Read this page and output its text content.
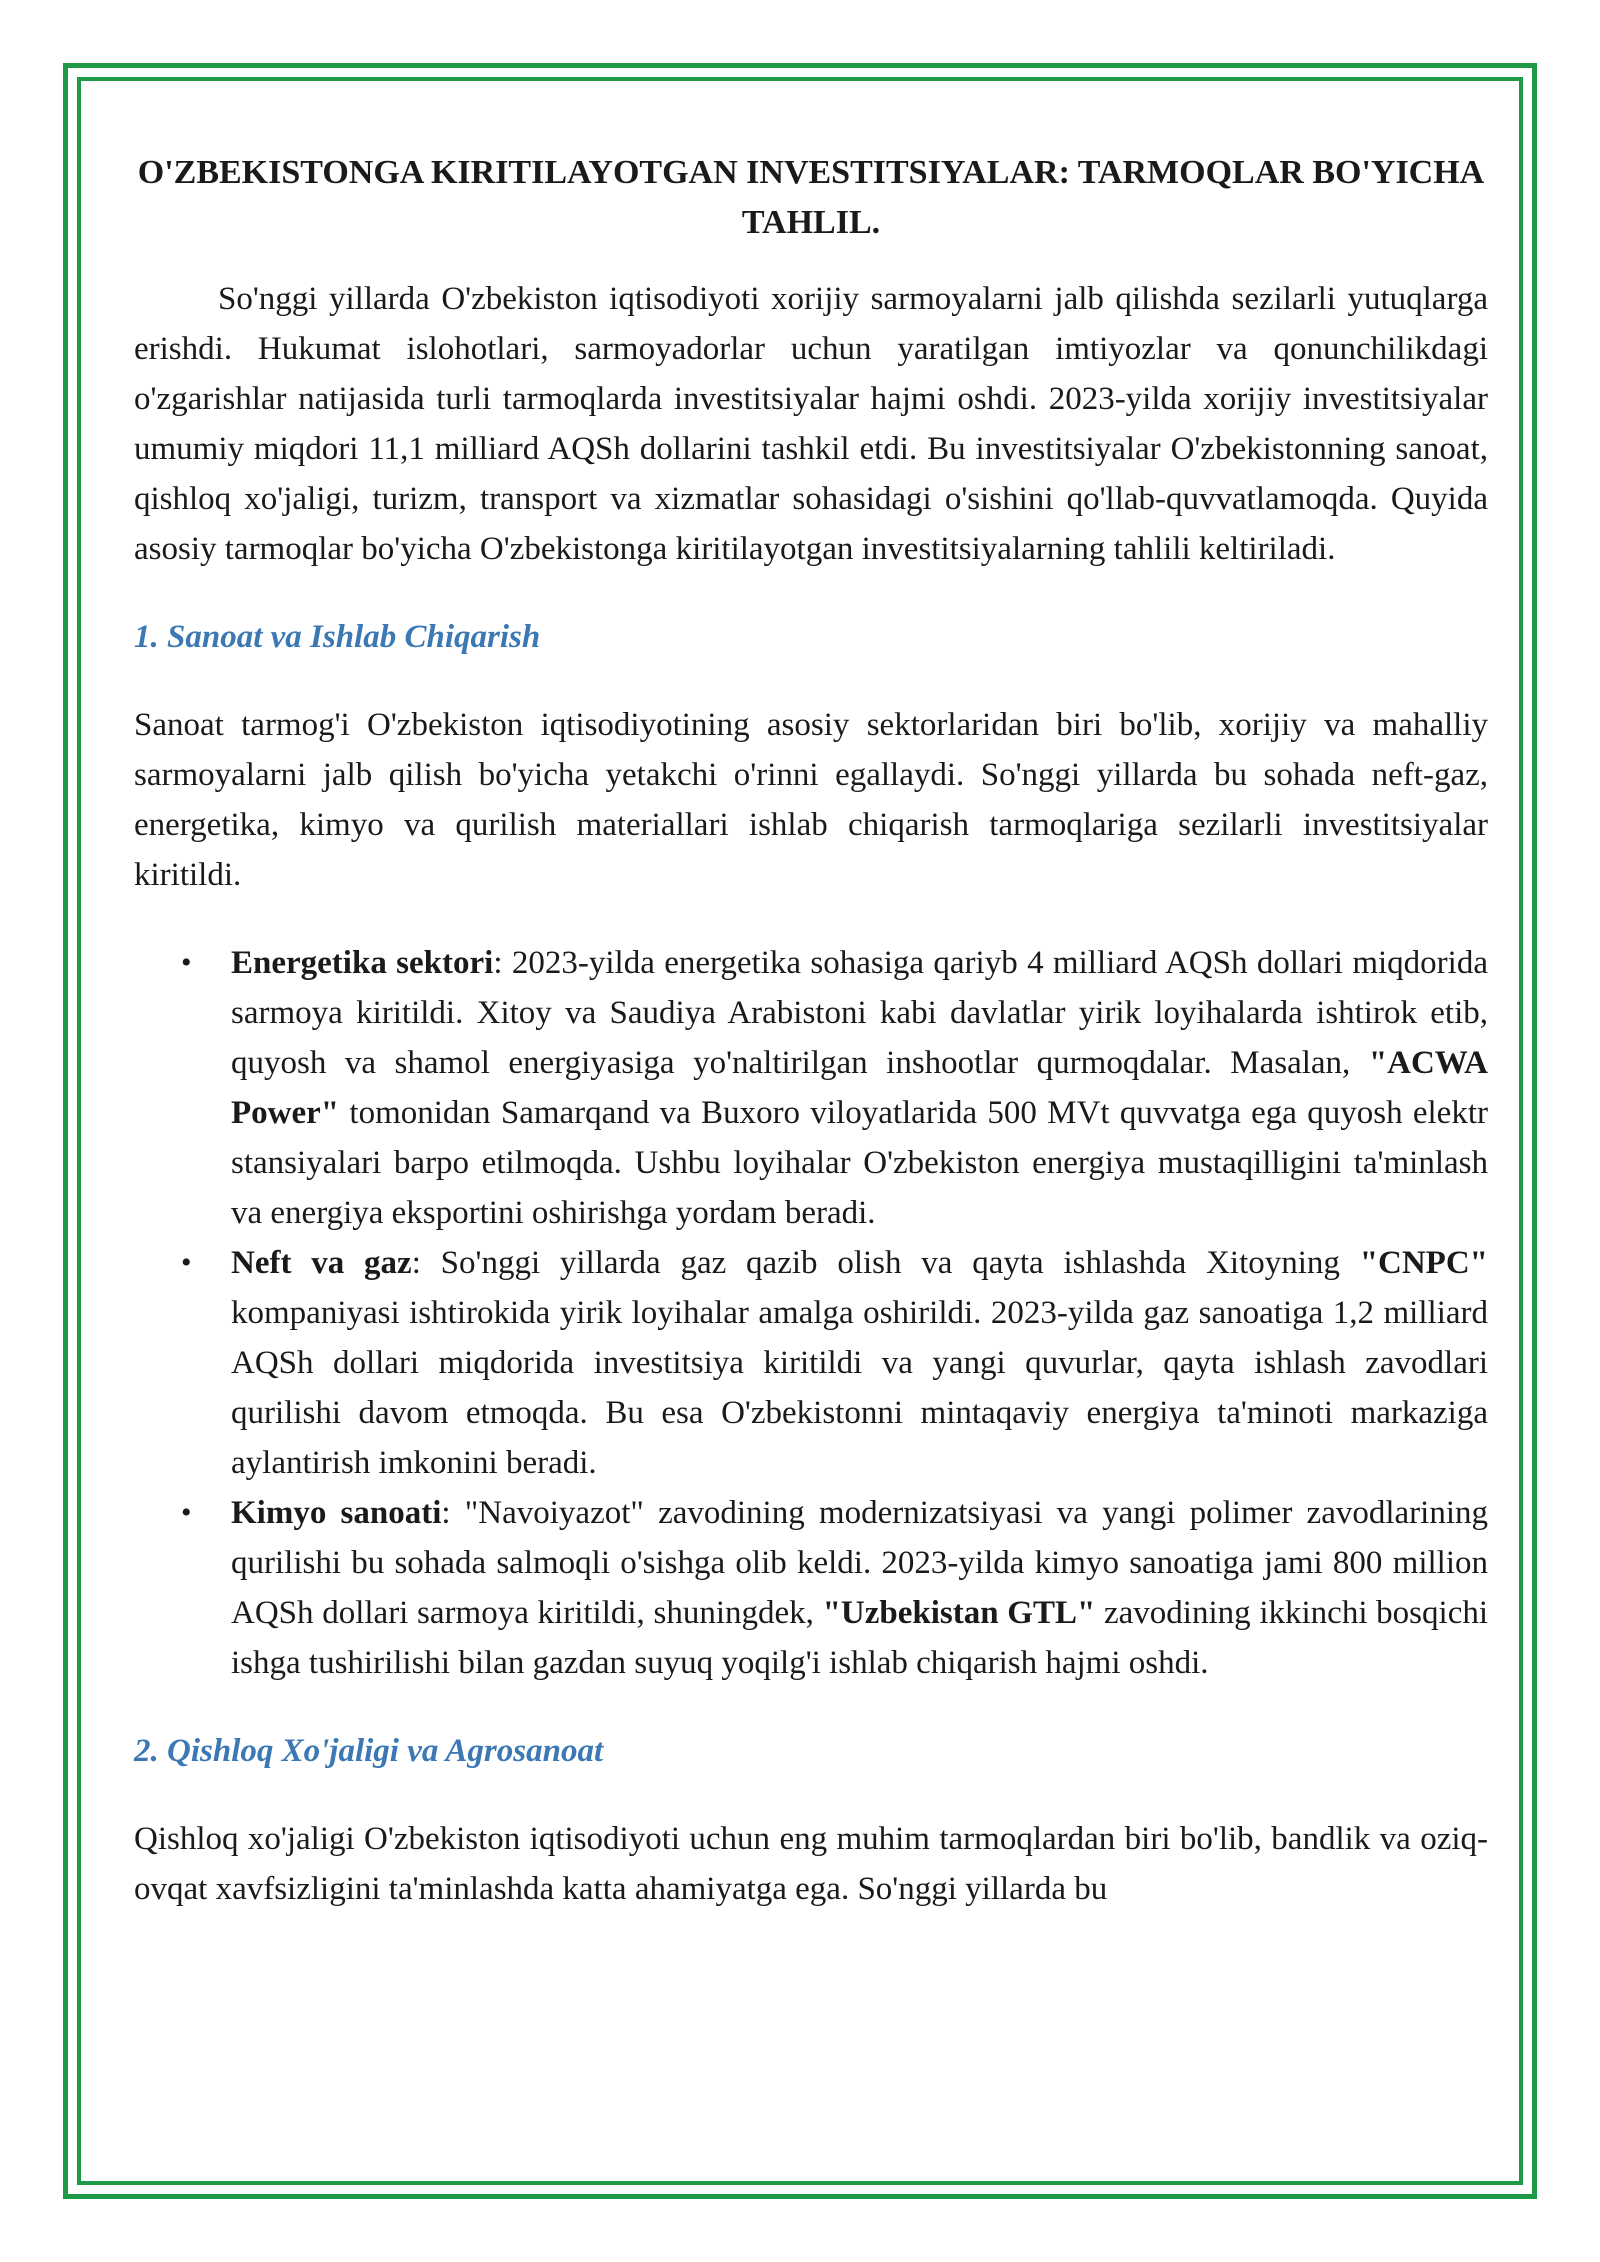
O'ZBEKISTONGA KIRITILAYOTGAN INVESTITSIYALAR: TARMOQLAR BO'YICHA TAHLIL.

So'nggi yillarda O'zbekiston iqtisodiyoti xorijiy sarmoyalarni jalb qilishda sezilarli yutuqlarga erishdi. Hukumat islohotlari, sarmoyadorlar uchun yaratilgan imtiyozlar va qonunchilikdagi o'zgarishlar natijasida turli tarmoqlarda investitsiyalar hajmi oshdi. 2023-yilda xorijiy investitsiyalar umumiy miqdori 11,1 milliard AQSh dollarini tashkil etdi. Bu investitsiyalar O'zbekistonning sanoat, qishloq xo'jaligi, turizm, transport va xizmatlar sohasidagi o'sishini qo'llab-quvvatlamoqda. Quyida asosiy tarmoqlar bo'yicha O'zbekistonga kiritilayotgan investitsiyalarning tahlili keltiriladi.

1. Sanoat va Ishlab Chiqarish

Sanoat tarmog'i O'zbekiston iqtisodiyotining asosiy sektorlaridan biri bo'lib, xorijiy va mahalliy sarmoyalarni jalb qilish bo'yicha yetakchi o'rinni egallaydi. So'nggi yillarda bu sohada neft-gaz, energetika, kimyo va qurilish materiallari ishlab chiqarish tarmoqlariga sezilarli investitsiyalar kiritildi.

• Energetika sektori: 2023-yilda energetika sohasiga qariyb 4 milliard AQSh dollari miqdorida sarmoya kiritildi. Xitoy va Saudiya Arabistoni kabi davlatlar yirik loyihalarda ishtirok etib, quyosh va shamol energiyasiga yo'naltirilgan inshootlar qurmoqdalar. Masalan, "ACWA Power" tomonidan Samarqand va Buxoro viloyatlarida 500 MVt quvvatga ega quyosh elektr stansiyalari barpo etilmoqda. Ushbu loyihalar O'zbekiston energiya mustaqilligini ta'minlash va energiya eksportini oshirishga yordam beradi.
• Neft va gaz: So'nggi yillarda gaz qazib olish va qayta ishlashda Xitoyning "CNPC" kompaniyasi ishtirokida yirik loyihalar amalga oshirildi. 2023-yilda gaz sanoatiga 1,2 milliard AQSh dollari miqdorida investitsiya kiritildi va yangi quvurlar, qayta ishlash zavodlari qurilishi davom etmoqda. Bu esa O'zbekistonni mintaqaviy energiya ta'minoti markaziga aylantirish imkonini beradi.
• Kimyo sanoati: "Navoiyazot" zavodining modernizatsiyasi va yangi polimer zavodlarining qurilishi bu sohada salmoqli o'sishga olib keldi. 2023-yilda kimyo sanoatiga jami 800 million AQSh dollari sarmoya kiritildi, shuningdek, "Uzbekistan GTL" zavodining ikkinchi bosqichi ishga tushirilishi bilan gazdan suyuq yoqilg'i ishlab chiqarish hajmi oshdi.
2. Qishloq Xo'jaligi va Agrosanoat

Qishloq xo'jaligi O'zbekiston iqtisodiyoti uchun eng muhim tarmoqlardan biri bo'lib, bandlik va oziq-ovqat xavfsizligini ta'minlashda katta ahamiyatga ega. So'nggi yillarda bu
